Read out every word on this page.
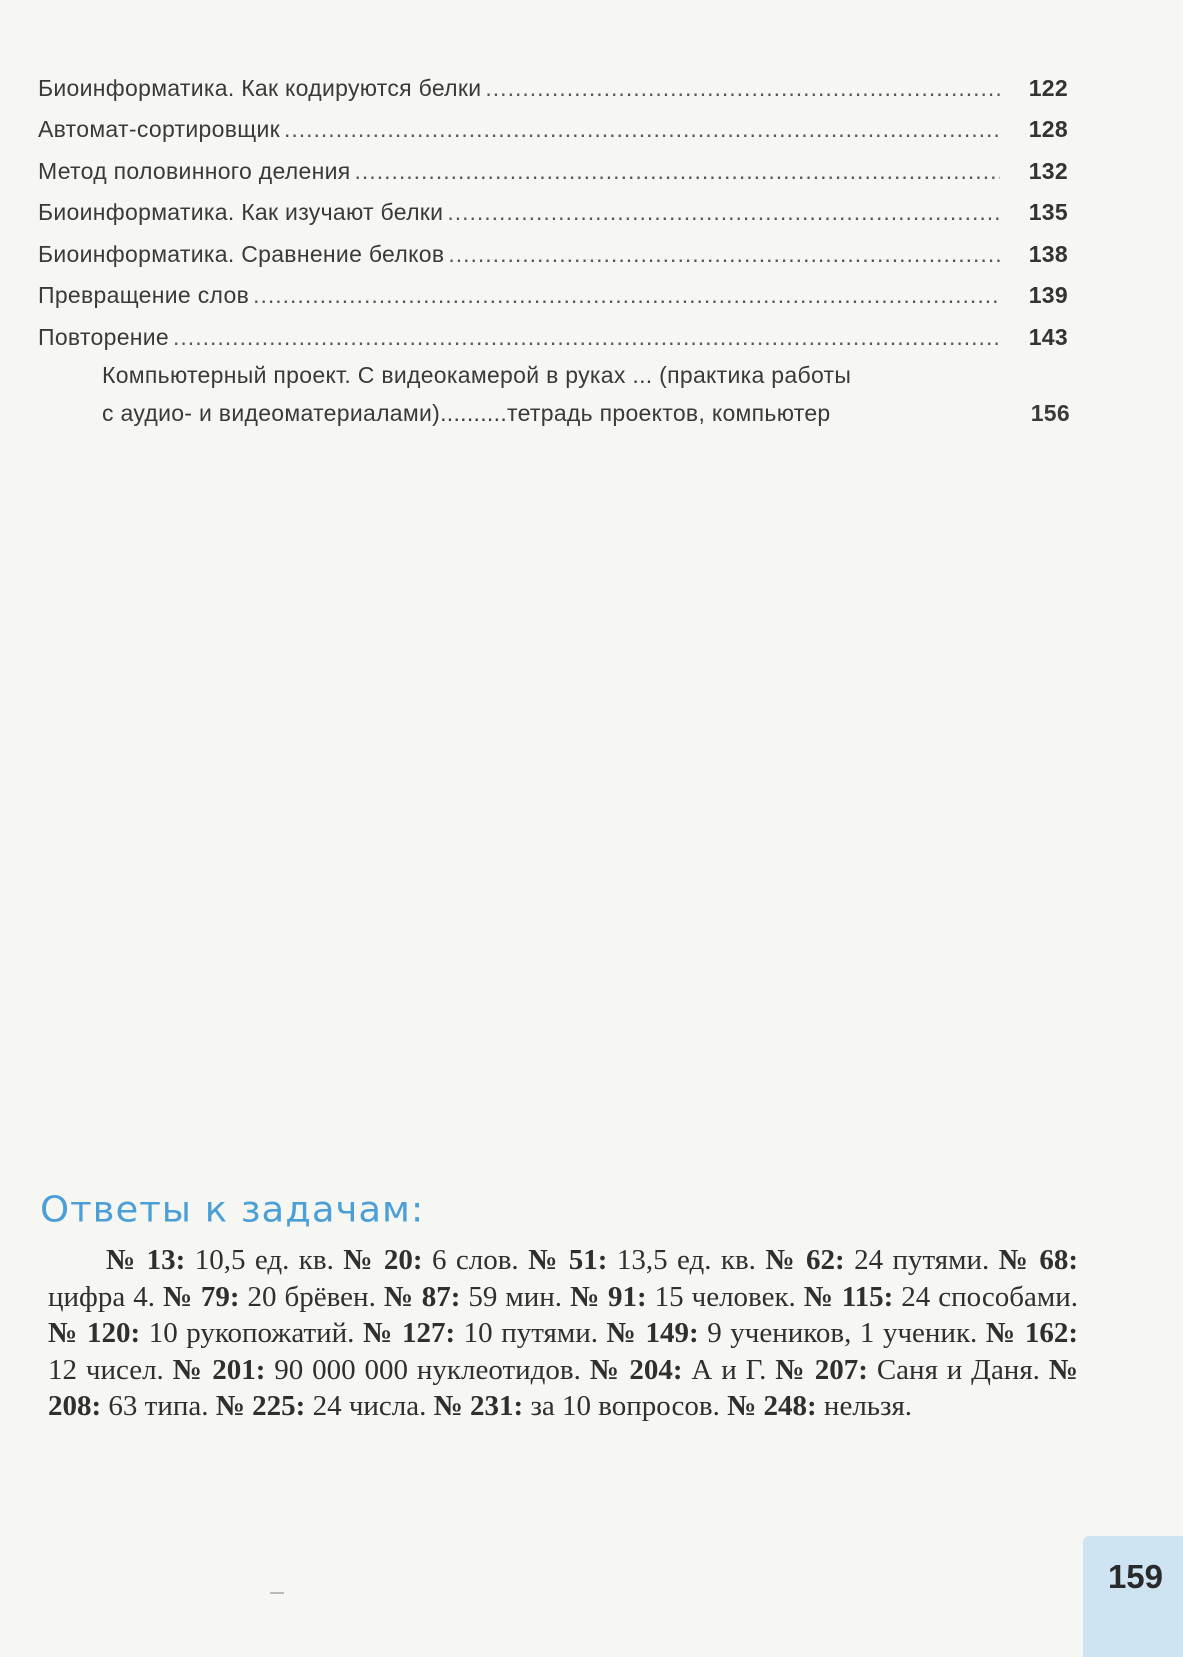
Биоинформатика. Как кодируются белки .....	122
Автомат-сортировщик .....	128
Метод половинного деления .....	132
Биоинформатика. Как изучают белки .....	135
Биоинформатика. Сравнение белков .....	138
Превращение слов .....	139
Повторение .....	143
Компьютерный проект. С видеокамерой в руках ... (практика работы
с аудио- и видеоматериалами)..........тетрадь проектов, компьютер	156
Ответы к задачам:

№ 13: 10,5 ед. кв. № 20: 6 слов. № 51: 13,5 ед. кв. № 62: 24 путями. № 68: цифра 4. № 79: 20 брёвен. № 87: 59 мин. № 91: 15 человек. № 115: 24 способами. № 120: 10 рукопожатий. № 127: 10 путями. № 149: 9 учеников, 1 ученик. № 162: 12 чисел. № 201: 90 000 000 нуклеотидов. № 204: А и Г. № 207: Саня и Даня. № 208: 63 типа. № 225: 24 числа. № 231: за 10 вопросов. № 248: нельзя.

159
